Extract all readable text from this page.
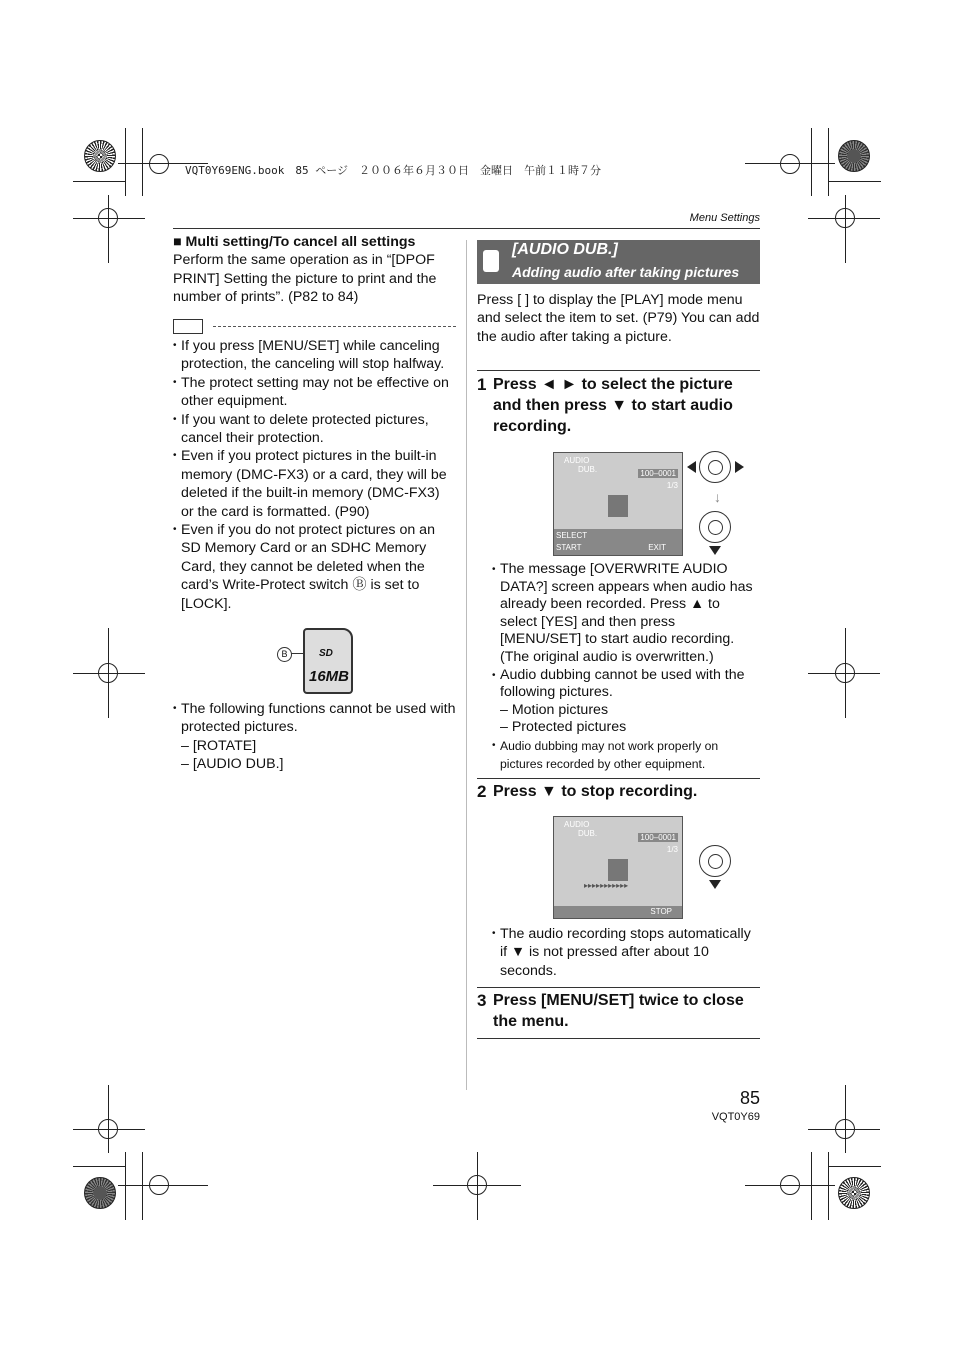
VQT0Y69ENG.book　85 ページ　２００６年６月３０日　金曜日　午前１１時７分
Menu Settings
■ Multi setting/To cancel all settings
Perform the same operation as in “[DPOF PRINT] Setting the picture to print and the number of prints”. (P82 to 84)

• If you press [MENU/SET] while canceling protection, the canceling will stop halfway.

• The protect setting may not be effective on other equipment.

• If you want to delete protected pictures, cancel their protection.

• Even if you protect pictures in the built-in memory (DMC-FX3) or a card, they will be deleted if the built-in memory (DMC-FX3) or the card is formatted. (P90)

• Even if you do not protect pictures on an SD Memory Card or an SDHC Memory Card, they cannot be deleted when the card’s Write-Protect switch Ⓑ is set to [LOCK].

B	SD
16MB

• The following functions cannot be used with protected pictures.

– [ROTATE]
– [AUDIO DUB.]
[AUDIO DUB.]
Adding audio after taking pictures
Press [ ] to display the [PLAY] mode menu and select the item to set. (P79) You can add the audio after taking a picture.
1 Press ◄ ► to select the picture and then press ▼ to start audio recording.
AUDIO
DUB.	100–0001
1/3
SELECT
START	EXIT
↓

• The message [OVERWRITE AUDIO DATA?] screen appears when audio has already been recorded. Press ▲ to select [YES] and then press [MENU/SET] to start audio recording. (The original audio is overwritten.)

• Audio dubbing cannot be used with the following pictures.

– Motion pictures
– Protected pictures

• Audio dubbing may not work properly on pictures recorded by other equipment.

2 Press ▼ to stop recording.
AUDIO
DUB.	100–0001
1/3
▸▸▸▸▸▸▸▸▸▸▸
STOP

• The audio recording stops automatically if ▼ is not pressed after about 10 seconds.

3 Press [MENU/SET] twice to close the menu.
85
VQT0Y69
